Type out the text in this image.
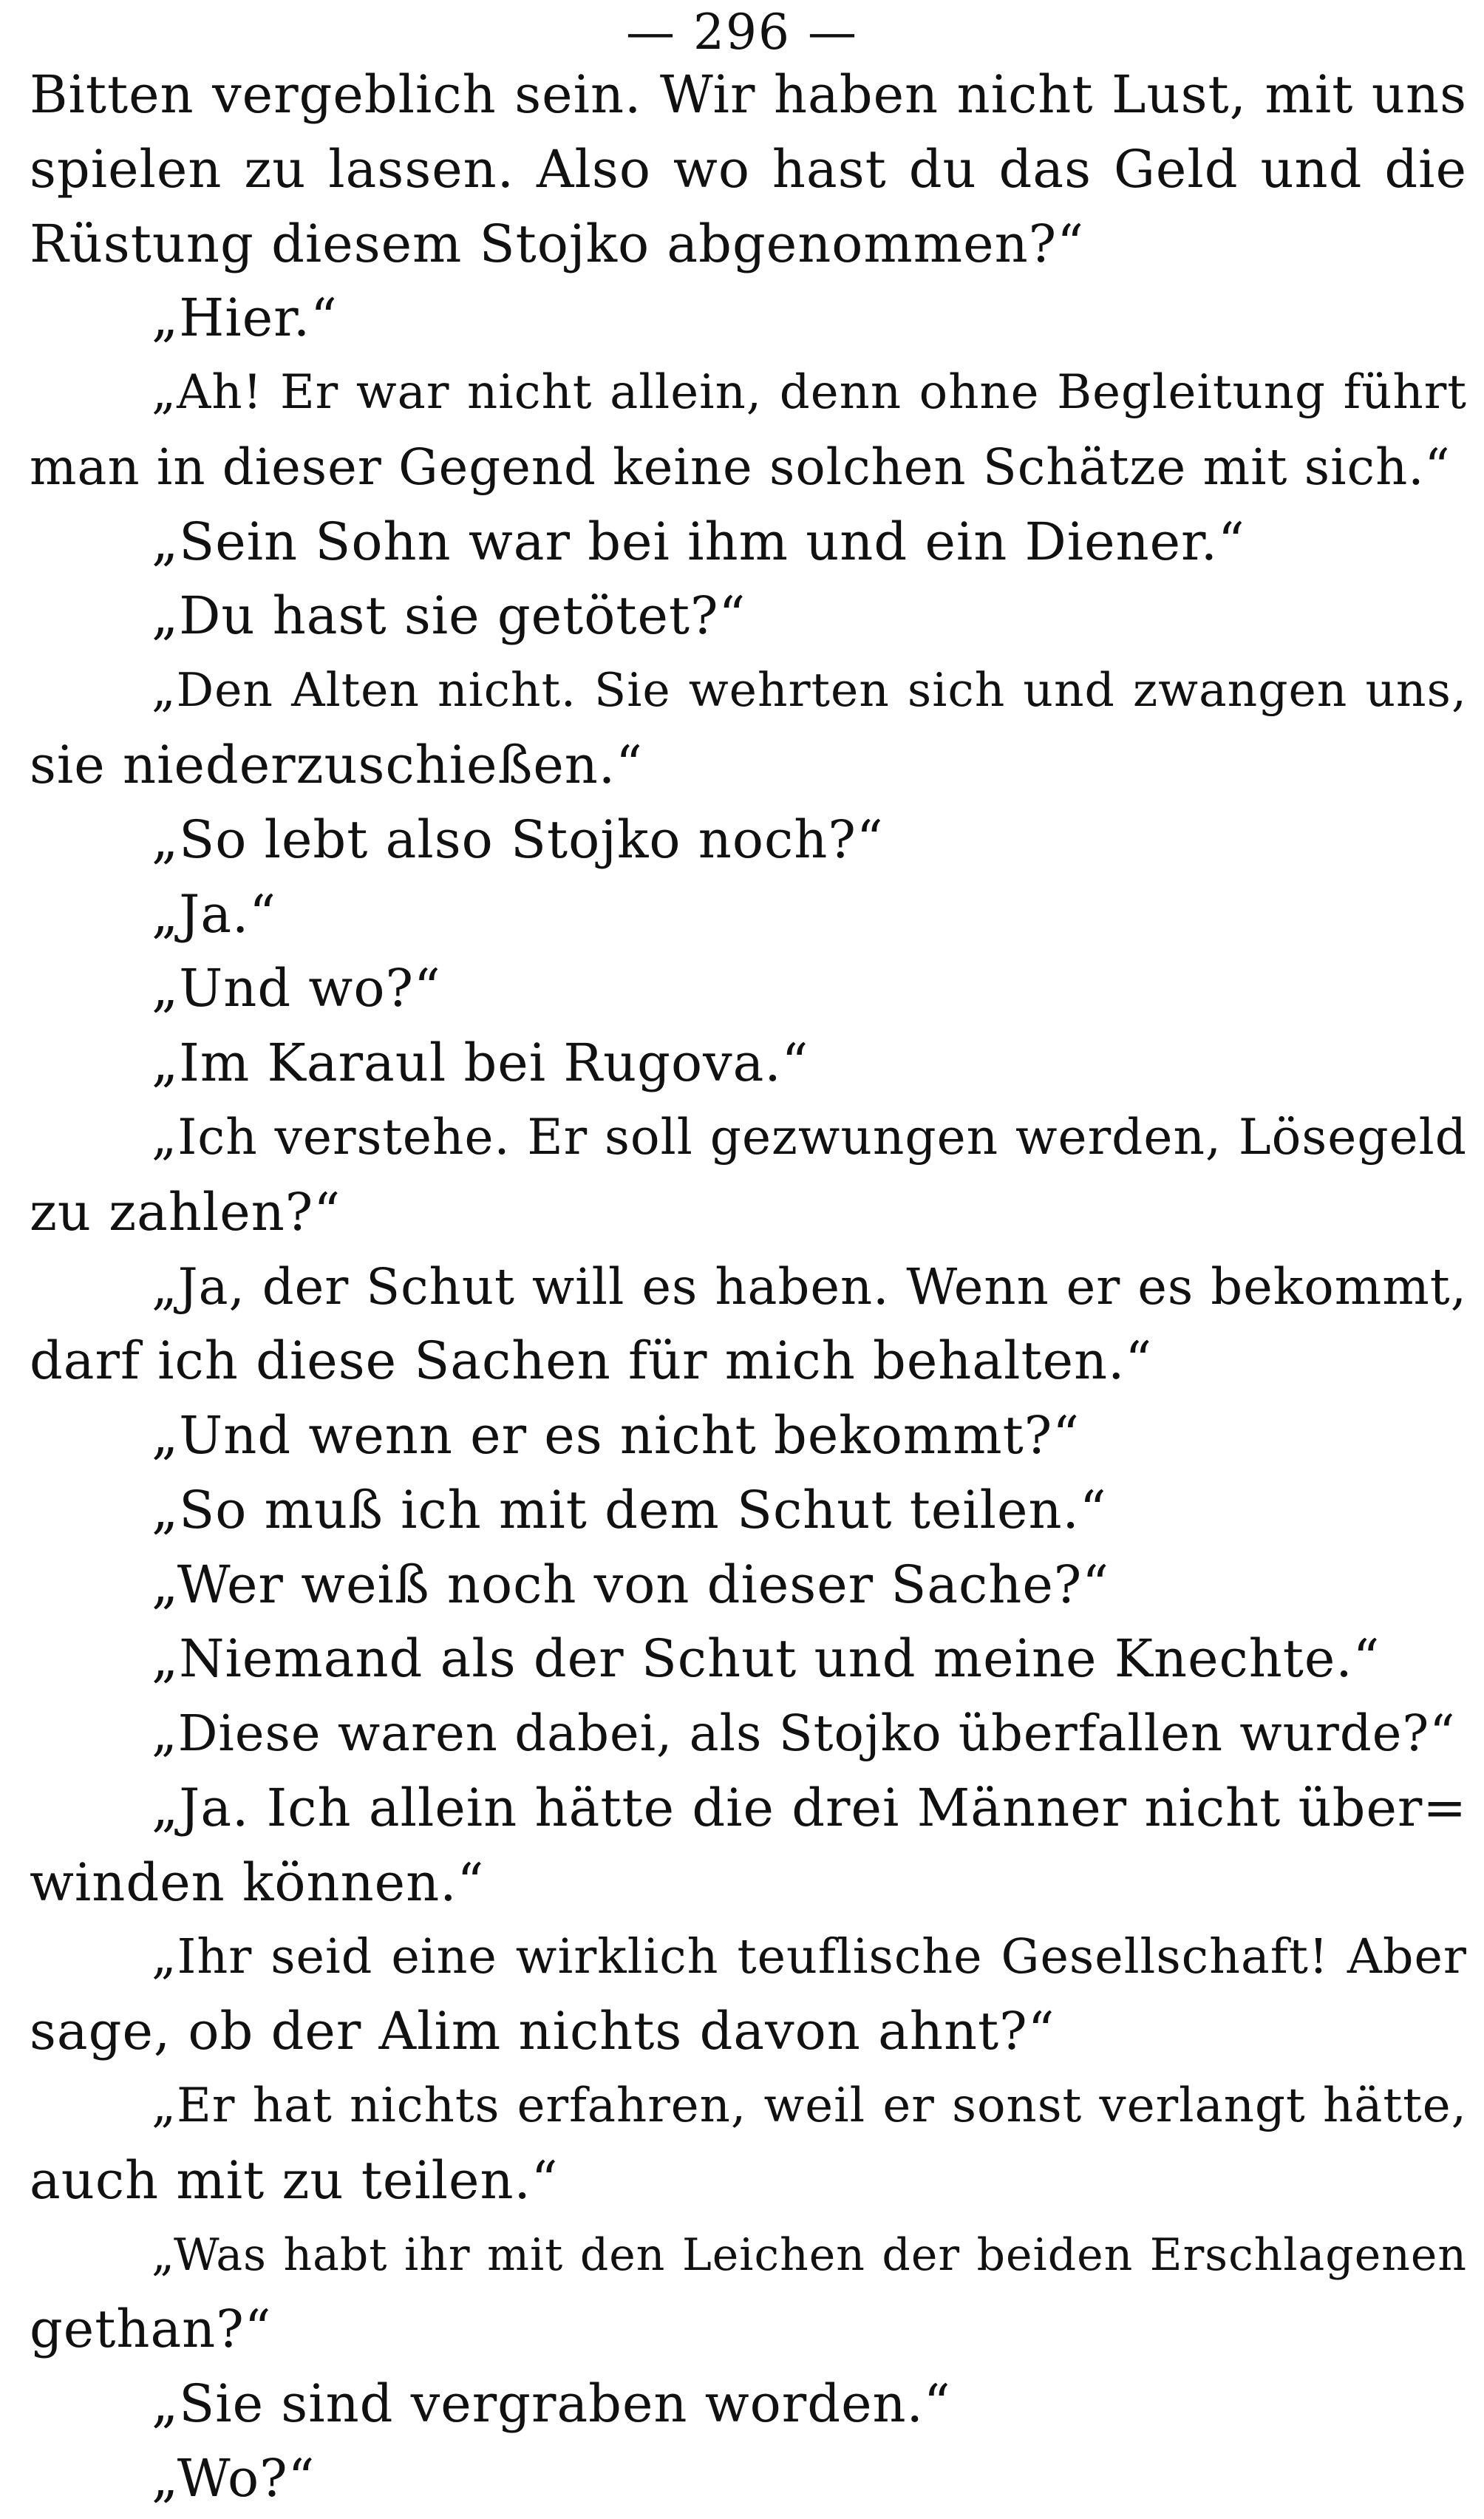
— 296 —
Bitten vergeblich sein. Wir haben nicht Lust, mit uns
spielen zu lassen. Also wo hast du das Geld und die
Rüstung diesem Stojko abgenommen?“
„Hier.“
„Ah! Er war nicht allein, denn ohne Begleitung führt
man in dieser Gegend keine solchen Schätze mit sich.“
„Sein Sohn war bei ihm und ein Diener.“
„Du hast sie getötet?“
„Den Alten nicht. Sie wehrten sich und zwangen uns,
sie niederzuschießen.“
„So lebt also Stojko noch?“
„Ja.“
„Und wo?“
„Im Karaul bei Rugova.“
„Ich verstehe. Er soll gezwungen werden, Lösegeld
zu zahlen?“
„Ja, der Schut will es haben. Wenn er es bekommt,
darf ich diese Sachen für mich behalten.“
„Und wenn er es nicht bekommt?“
„So muß ich mit dem Schut teilen.“
„Wer weiß noch von dieser Sache?“
„Niemand als der Schut und meine Knechte.“
„Diese waren dabei, als Stojko überfallen wurde?“
„Ja. Ich allein hätte die drei Männer nicht über=
winden können.“
„Ihr seid eine wirklich teuflische Gesellschaft! Aber
sage, ob der Alim nichts davon ahnt?“
„Er hat nichts erfahren, weil er sonst verlangt hätte,
auch mit zu teilen.“
„Was habt ihr mit den Leichen der beiden Erschlagenen
gethan?“
„Sie sind vergraben worden.“
„Wo?“
